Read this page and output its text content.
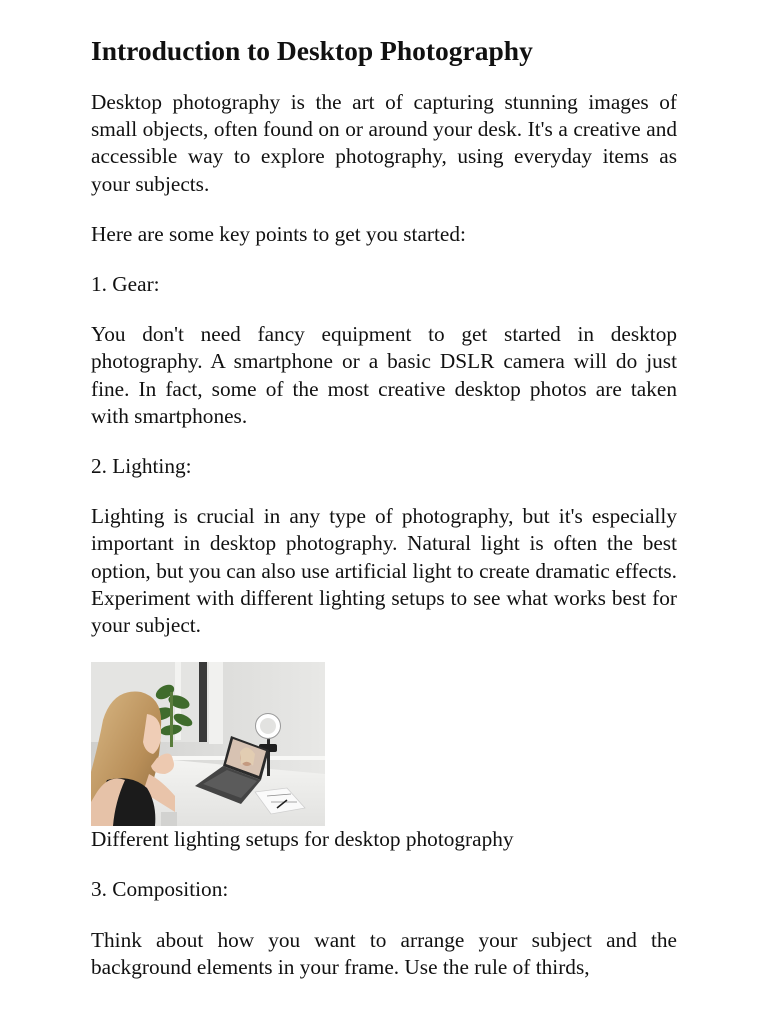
Introduction to Desktop Photography

Desktop photography is the art of capturing stunning images of small objects, often found on or around your desk. It's a creative and accessible way to explore photography, using everyday items as your subjects.

Here are some key points to get you started:

1. Gear:

You don't need fancy equipment to get started in desktop photography. A smartphone or a basic DSLR camera will do just fine. In fact, some of the most creative desktop photos are taken with smartphones.

2. Lighting:

Lighting is crucial in any type of photography, but it's especially important in desktop photography. Natural light is often the best option, but you can also use artificial light to create dramatic effects. Experiment with different lighting setups to see what works best for your subject.

Different lighting setups for desktop photography

3. Composition:

Think about how you want to arrange your subject and the background elements in your frame. Use the rule of thirds,
